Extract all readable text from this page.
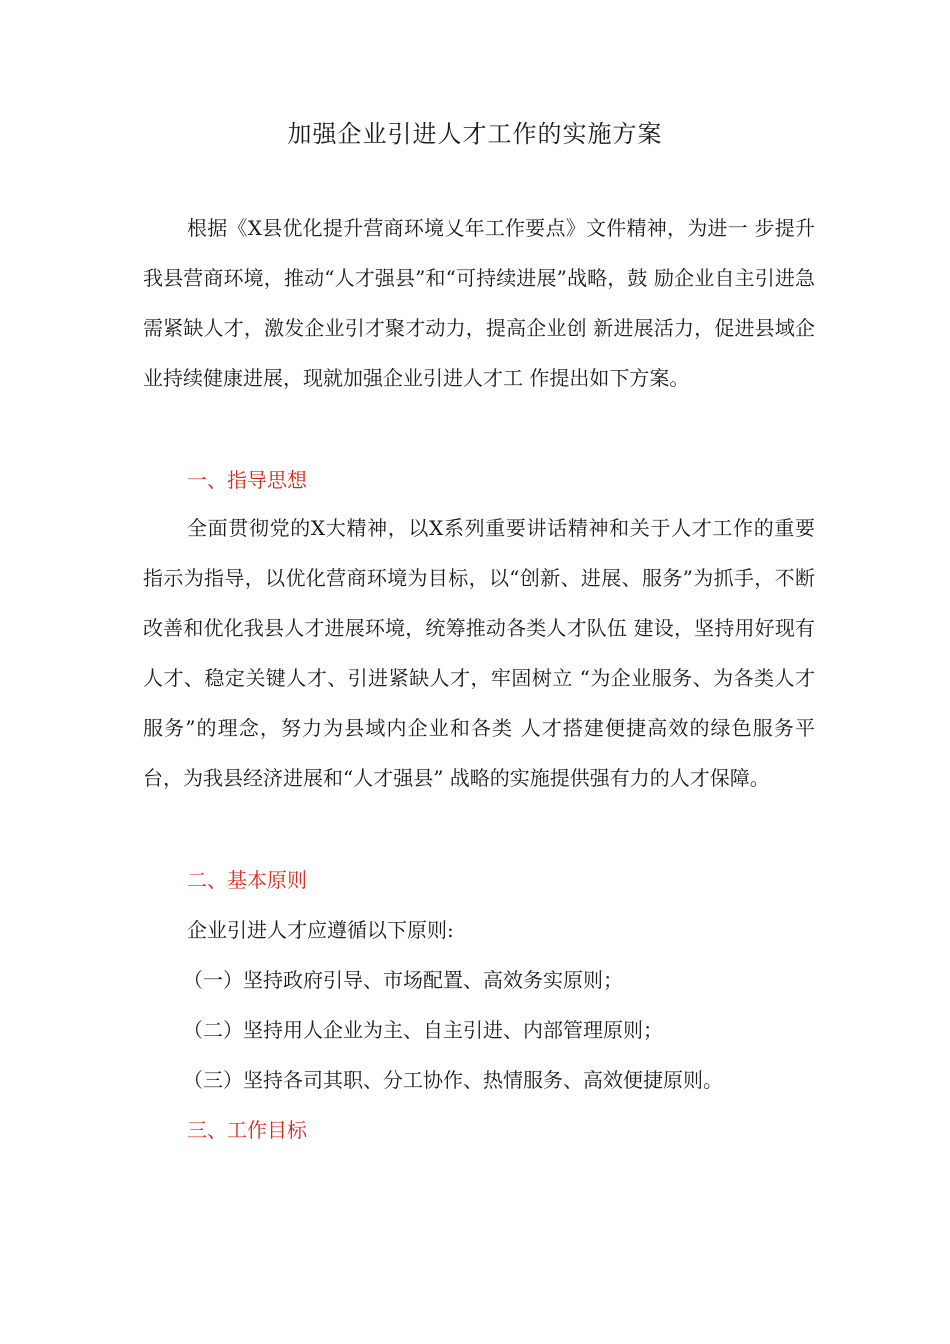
加强企业引进人才工作的实施方案
根据《X县优化提升营商环境乂年工作要点》文件精神，为进一 步提升我县营商环境，推动“人才强县”和“可持续进展”战略，鼓 励企业自主引进急需紧缺人才，激发企业引才聚才动力，提高企业创 新进展活力，促进县域企业持续健康进展，现就加强企业引进人才工 作提出如下方案。
一、指导思想
全面贯彻党的X大精神，以X系列重要讲话精神和关于人才工作的重要指示为指导，以优化营商环境为目标，以“创新、进展、服务”为抓手，不断改善和优化我县人才进展环境，统筹推动各类人才队伍 建设，坚持用好现有人才、稳定关键人才、引进紧缺人才，牢固树立 “为企业服务、为各类人才服务”的理念，努力为县域内企业和各类 人才搭建便捷高效的绿色服务平台，为我县经济进展和“人才强县” 战略的实施提供强有力的人才保障。
二、基本原则
企业引进人才应遵循以下原则:
（一）坚持政府引导、市场配置、高效务实原则；
（二）坚持用人企业为主、自主引进、内部管理原则；
（三）坚持各司其职、分工协作、热情服务、高效便捷原则。
三、工作目标
